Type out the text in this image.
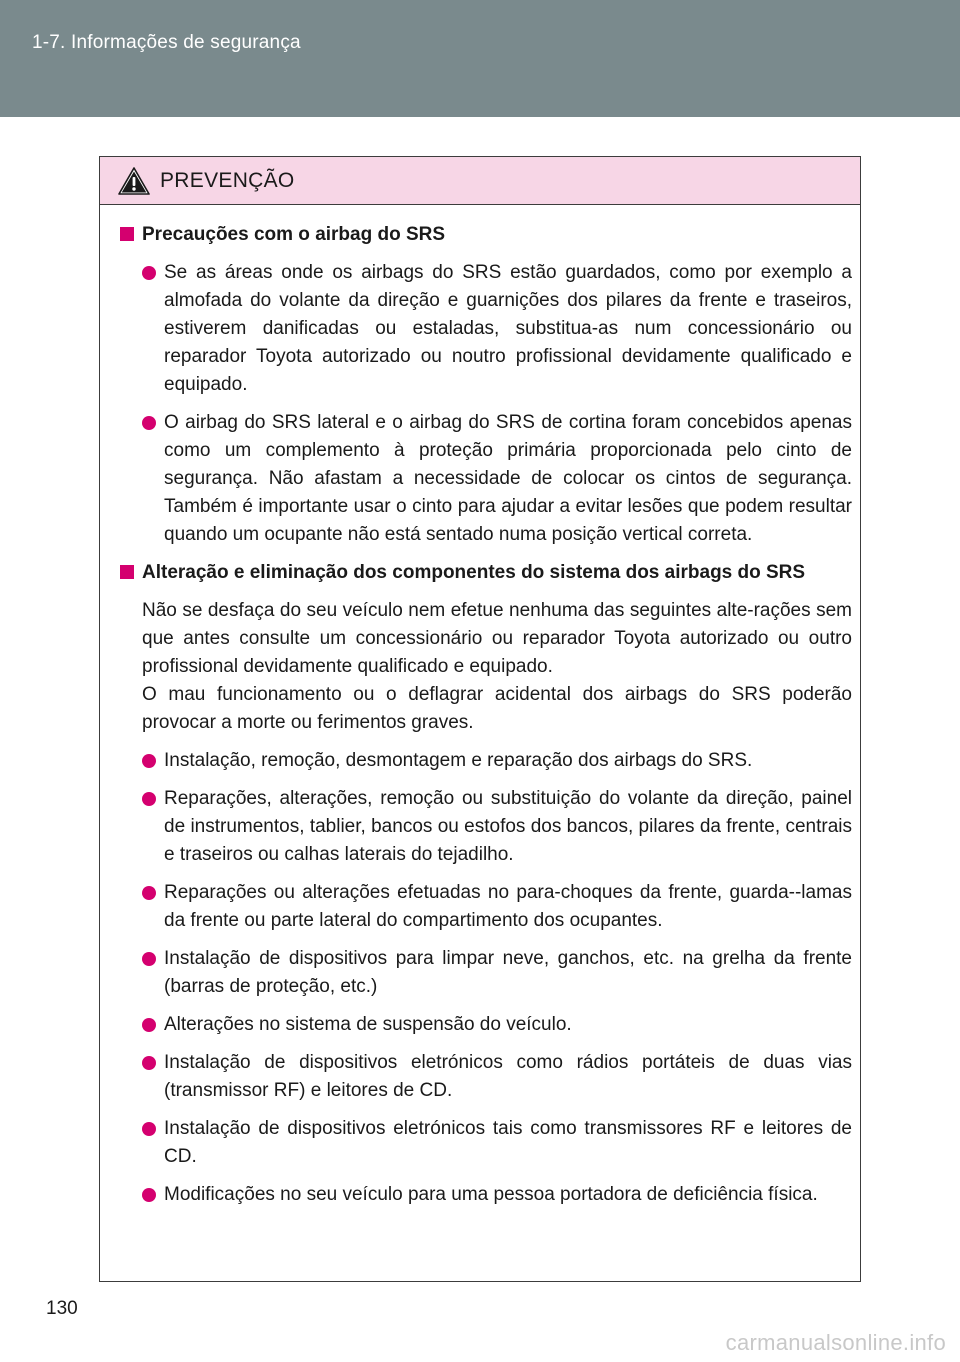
1-7. Informações de segurança
PREVENÇÃO
Precauções com o airbag do SRS
Se as áreas onde os airbags do SRS estão guardados, como por exemplo a almofada do volante da direção e guarnições dos pilares da frente e traseiros, estiverem danificadas ou estaladas, substitua-as num concessionário ou reparador Toyota autorizado ou noutro profissional devidamente qualificado e equipado.
O airbag do SRS lateral e o airbag do SRS de cortina foram concebidos apenas como um complemento à proteção primária proporcionada pelo cinto de segurança. Não afastam a necessidade de colocar os cintos de segurança. Também é importante usar o cinto para ajudar a evitar lesões que podem resultar quando um ocupante não está sentado numa posição vertical correta.
Alteração e eliminação dos componentes do sistema dos airbags do SRS

Não se desfaça do seu veículo nem efetue nenhuma das seguintes alte-rações sem que antes consulte um concessionário ou reparador Toyota autorizado ou outro profissional devidamente qualificado e equipado.

O mau funcionamento ou o deflagrar acidental dos airbags do SRS poderão provocar a morte ou ferimentos graves.

Instalação, remoção, desmontagem e reparação dos airbags do SRS.
Reparações, alterações, remoção ou substituição do volante da direção, painel de instrumentos, tablier, bancos ou estofos dos bancos, pilares da frente, centrais e traseiros ou calhas laterais do tejadilho.
Reparações ou alterações efetuadas no para-choques da frente, guarda--lamas da frente ou parte lateral do compartimento dos ocupantes.
Instalação de dispositivos para limpar neve, ganchos, etc. na grelha da frente (barras de proteção, etc.)
Alterações no sistema de suspensão do veículo.
Instalação de dispositivos eletrónicos como rádios portáteis de duas vias (transmissor RF) e leitores de CD.
Instalação de dispositivos eletrónicos tais como transmissores RF e leitores de CD.
Modificações no seu veículo para uma pessoa portadora de deficiência física.
130
carmanualsonline.info
